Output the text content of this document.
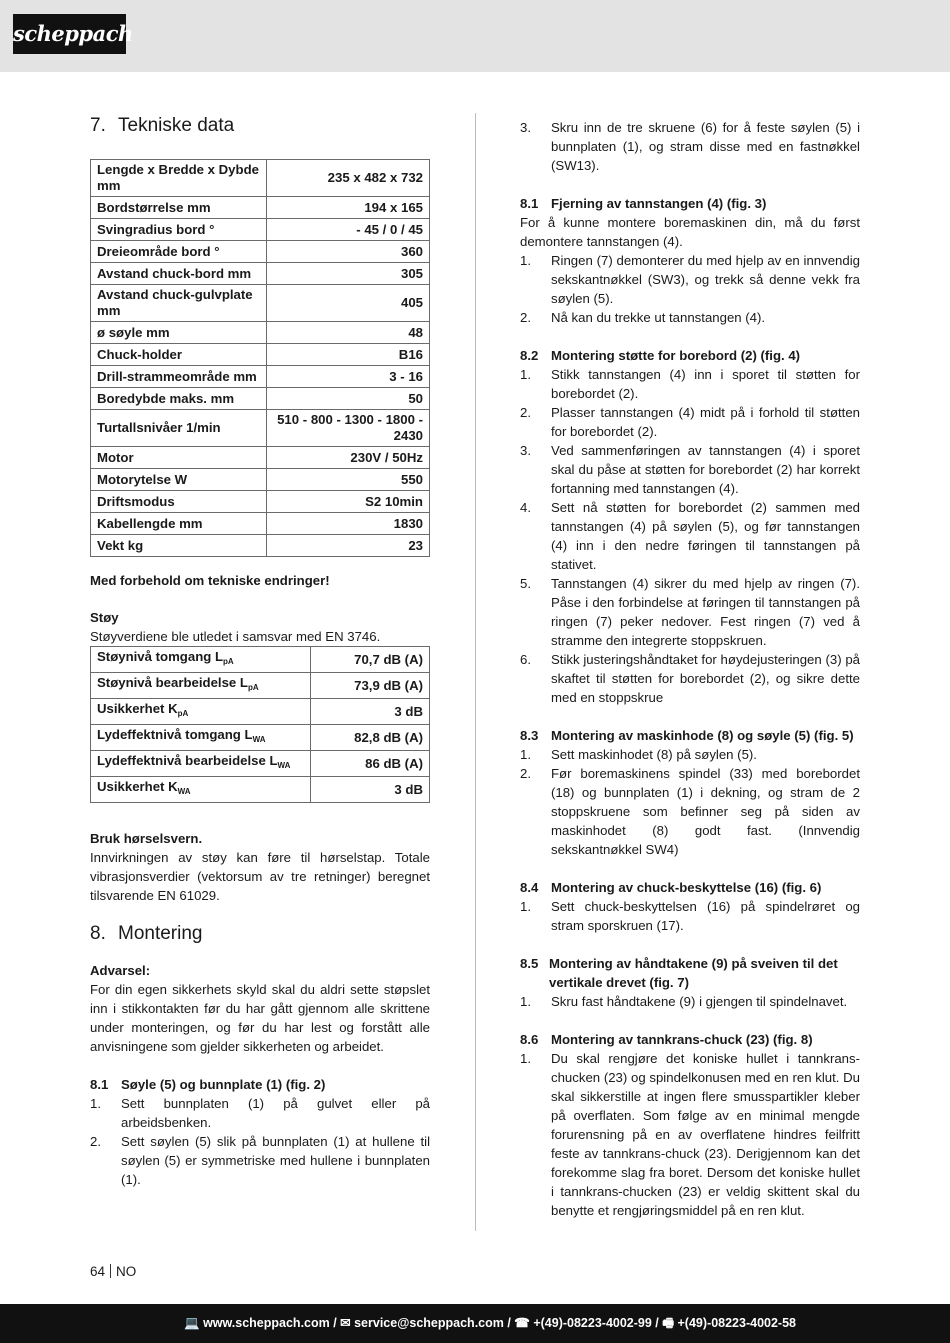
scheppach
7. Tekniske data
Lengde x Bredde x Dybde mm	235 x 482 x 732
Bordstørrelse mm	194 x 165
Svingradius bord °	- 45 / 0 / 45
Dreieområde bord °	360
Avstand chuck-bord mm	305
Avstand chuck-gulvplate mm	405
ø søyle mm	48
Chuck-holder	B16
Drill-strammeområde mm	3 - 16
Boredybde maks. mm	50
Turtallsnivåer 1/min	510 - 800 - 1300 - 1800 - 2430
Motor	230V / 50Hz
Motorytelse W	550
Driftsmodus	S2 10min
Kabellengde mm	1830
Vekt kg	23

Med forbehold om tekniske endringer!

Støy

Støyverdiene ble utledet i samsvar med EN 3746.

Støynivå tomgang $L_{pA}$	70,7 dB (A)
Støynivå bearbeidelse $L_{pA}$	73,9 dB (A)
Usikkerhet $K_{pA}$	3 dB
Lydeffektnivå tomgang $L_{WA}$	82,8 dB (A)
Lydeffektnivå bearbeidelse $L_{WA}$	86 dB (A)
Usikkerhet $K_{WA}$	3 dB

Bruk hørselsvern.

Innvirkningen av støy kan føre til hørselstap. Totale vibrasjonsverdier (vektorsum av tre retninger) beregnet tilsvarende EN 61029.

8. Montering

Advarsel:

For din egen sikkerhets skyld skal du aldri sette støpslet inn i stikkontakten før du har gått gjennom alle skrittene under monteringen, og før du har lest og forstått alle anvisningene som gjelder sikkerheten og arbeidet.

8.1 Søyle (5) og bunnplate (1) (fig. 2)
1.	Sett bunnplaten (1) på gulvet eller på arbeidsbenken.
2.	Sett søylen (5) slik på bunnplaten (1) at hullene til søylen (5) er symmetriske med hullene i bunnplaten (1).
3.	Skru inn de tre skruene (6) for å feste søylen (5) i bunnplaten (1), og stram disse med en fastnøkkel (SW13).
8.1 Fjerning av tannstangen (4) (fig. 3)

For å kunne montere boremaskinen din, må du først demontere tannstangen (4).

1.	Ringen (7) demonterer du med hjelp av en innvendig sekskantnøkkel (SW3), og trekk så denne vekk fra søylen (5).
2.	Nå kan du trekke ut tannstangen (4).
8.2 Montering støtte for borebord (2) (fig. 4)
1.	Stikk tannstangen (4) inn i sporet til støtten for borebordet (2).
2.	Plasser tannstangen (4) midt på i forhold til støtten for borebordet (2).
3.	Ved sammenføringen av tannstangen (4) i sporet skal du påse at støtten for borebordet (2) har korrekt fortanning med tannstangen (4).
4.	Sett nå støtten for borebordet (2) sammen med tannstangen (4) på søylen (5), og før tannstangen (4) inn i den nedre føringen til tannstangen på stativet.
5.	Tannstangen (4) sikrer du med hjelp av ringen (7). Påse i den forbindelse at føringen til tannstangen på ringen (7) peker nedover. Fest ringen (7) ved å stramme den integrerte stoppskruen.
6.	Stikk justeringshåndtaket for høydejusteringen (3) på skaftet til støtten for borebordet (2), og sikre dette med en stoppskrue
8.3 Montering av maskinhode (8) og søyle (5) (fig. 5)
1.	Sett maskinhodet (8) på søylen (5).
2.	Før boremaskinens spindel (33) med borebordet (18) og bunnplaten (1) i dekning, og stram de 2 stoppskruene som befinner seg på siden av maskinhodet (8) godt fast. (Innvendig sekskantnøkkel SW4)
8.4 Montering av chuck-beskyttelse (16) (fig. 6)
1.	Sett chuck-beskyttelsen (16) på spindelrøret og stram sporskruen (17).
8.5 Montering av håndtakene (9) på sveiven til det vertikale drevet (fig. 7)
1.	Skru fast håndtakene (9) i gjengen til spindelnavet.
8.6 Montering av tannkrans-chuck (23) (fig. 8)
1.	Du skal rengjøre det koniske hullet i tannkrans-chucken (23) og spindelkonusen med en ren klut. Du skal sikkerstille at ingen flere smusspartikler kleber på overflaten. Som følge av en minimal mengde forurensning på en av overflatene hindres feilfritt feste av tannkrans-chuck (23). Derigjennom kan det forekomme slag fra boret. Dersom det koniske hullet i tannkrans-chucken (23) er veldig skittent skal du benytte et rengjøringsmiddel på en ren klut.
64 NO
💻 www.scheppach.com / ✉ service@scheppach.com / ☎ +(49)-08223-4002-99 / 🖷 +(49)-08223-4002-58
